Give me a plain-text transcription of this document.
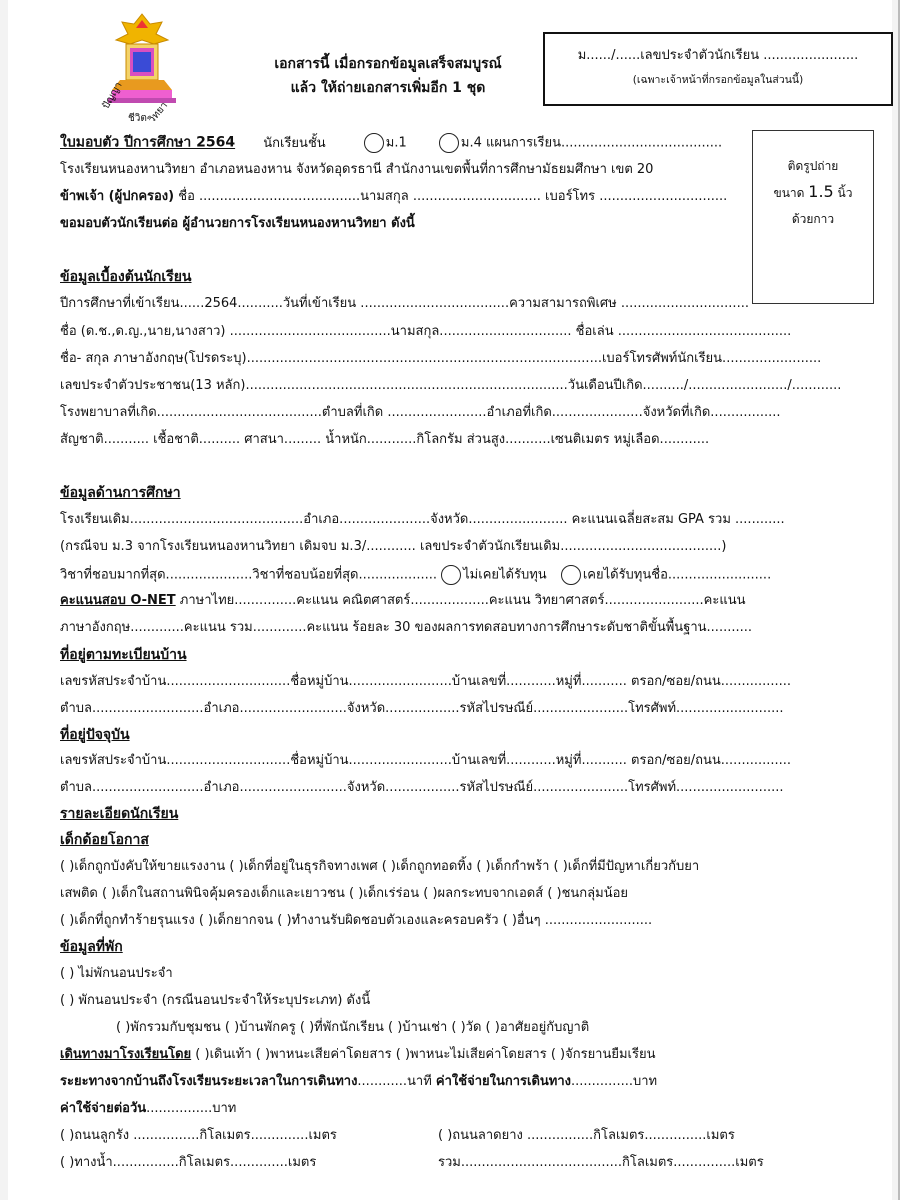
ปัญญา
ชีวิต วิทยา
เอกสารนี้ เมื่อกรอกข้อมูลเสร็จสมบูรณ์
แล้ว ให้ถ่ายเอกสารเพิ่มอีก 1 ชุด
ม....../......เลขประจำตัวนักเรียน .......................
(เฉพาะเจ้าหน้าที่กรอกข้อมูลในส่วนนี้)
ติดรูปถ่าย
ขนาด 1.5 นิ้ว
ด้วยกาว
ใบมอบตัว ปีการศึกษา 2564 นักเรียนชั้น	ม.1	ม.4 แผนการเรียน.......................................
โรงเรียนหนองหานวิทยา อำเภอหนองหาน จังหวัดอุดรธานี สำนักงานเขตพื้นที่การศึกษามัธยมศึกษา เขต 20
ข้าพเจ้า (ผู้ปกครอง) ชื่อ .......................................นามสกุล ............................... เบอร์โทร ...............................
ขอมอบตัวนักเรียนต่อ ผู้อำนวยการโรงเรียนหนองหานวิทยา ดังนี้
ข้อมูลเบื้องต้นนักเรียน
ปีการศึกษาที่เข้าเรียน......2564...........วันที่เข้าเรียน ....................................ความสามารถพิเศษ ...............................
ชื่อ (ด.ช.,ด.ญ.,นาย,นางสาว) .......................................นามสกุล................................ ชื่อเล่น ..........................................
ชื่อ- สกุล ภาษาอังกฤษ(โปรดระบุ)......................................................................................เบอร์โทรศัพท์นักเรียน........................
เลขประจำตัวประชาชน(13 หลัก)..............................................................................วันเดือนปีเกิด........../......................../............
โรงพยาบาลที่เกิด........................................ตำบลที่เกิด ........................อำเภอที่เกิด......................จังหวัดที่เกิด.................
สัญชาติ........... เชื้อชาติ.......... ศาสนา......... น้ำหนัก............กิโลกรัม ส่วนสูง...........เซนติเมตร หมู่เลือด............
ข้อมูลด้านการศึกษา
โรงเรียนเดิม..........................................อำเภอ......................จังหวัด........................ คะแนนเฉลี่ยสะสม GPA รวม ............
(กรณีจบ ม.3 จากโรงเรียนหนองหานวิทยา เดิมจบ ม.3/............ เลขประจำตัวนักเรียนเดิม.......................................)
วิชาที่ชอบมากที่สุด.....................วิชาที่ชอบน้อยที่สุด................... ไม่เคยได้รับทุน	เคยได้รับทุนชื่อ.........................
คะแนนสอบ O-NET ภาษาไทย...............คะแนน คณิตศาสตร์...................คะแนน วิทยาศาสตร์........................คะแนน
ภาษาอังกฤษ.............คะแนน รวม.............คะแนน ร้อยละ 30 ของผลการทดสอบทางการศึกษาระดับชาติขั้นพื้นฐาน...........
ที่อยู่ตามทะเบียนบ้าน
เลขรหัสประจำบ้าน..............................ชื่อหมู่บ้าน.........................บ้านเลขที่............หมู่ที่........... ตรอก/ซอย/ถนน.................
ตำบล...........................อำเภอ..........................จังหวัด..................รหัสไปรษณีย์.......................โทรศัพท์..........................
ที่อยู่ปัจจุบัน
เลขรหัสประจำบ้าน..............................ชื่อหมู่บ้าน.........................บ้านเลขที่............หมู่ที่........... ตรอก/ซอย/ถนน.................
ตำบล...........................อำเภอ..........................จังหวัด..................รหัสไปรษณีย์.......................โทรศัพท์..........................
รายละเอียดนักเรียน
เด็กด้อยโอกาส
( )เด็กถูกบังคับให้ขายแรงงาน ( )เด็กที่อยู่ในธุรกิจทางเพศ ( )เด็กถูกทอดทิ้ง ( )เด็กกำพร้า ( )เด็กที่มีปัญหาเกี่ยวกับยา
เสพติด ( )เด็กในสถานพินิจคุ้มครองเด็กและเยาวชน ( )เด็กเร่ร่อน ( )ผลกระทบจากเอดส์ ( )ชนกลุ่มน้อย
( )เด็กที่ถูกทำร้ายรุนแรง ( )เด็กยากจน ( )ทำงานรับผิดชอบตัวเองและครอบครัว ( )อื่นๆ ..........................
ข้อมูลที่พัก
( ) ไม่พักนอนประจำ
( ) พักนอนประจำ (กรณีนอนประจำให้ระบุประเภท) ดังนี้
( )พักรวมกับชุมชน ( )บ้านพักครู ( )ที่พักนักเรียน ( )บ้านเช่า ( )วัด ( )อาศัยอยู่กับญาติ
เดินทางมาโรงเรียนโดย ( )เดินเท้า ( )พาหนะเสียค่าโดยสาร ( )พาหนะไม่เสียค่าโดยสาร ( )จักรยานยืมเรียน
ระยะทางจากบ้านถึงโรงเรียนระยะเวลาในการเดินทาง............นาที ค่าใช้จ่ายในการเดินทาง...............บาท
ค่าใช้จ่ายต่อวัน................บาท
( )ถนนลูกรัง ................กิโลเมตร..............เมตร	( )ถนนลาดยาง ................กิโลเมตร...............เมตร
( )ทางน้ำ................กิโลเมตร..............เมตร	รวม.......................................กิโลเมตร...............เมตร
